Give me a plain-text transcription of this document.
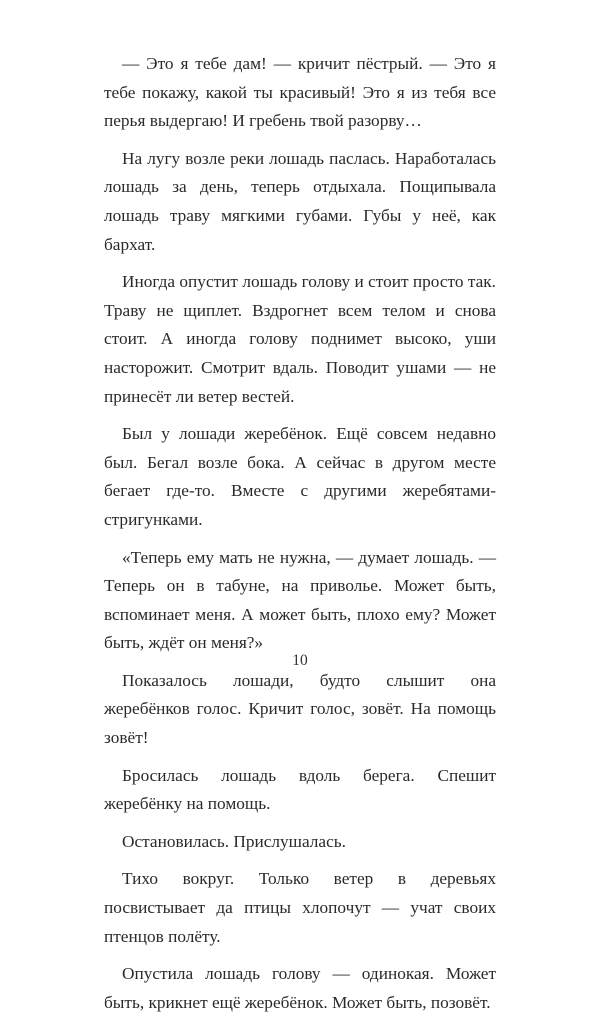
— Это я тебе дам! — кричит пёстрый. — Это я тебе покажу, какой ты красивый! Это я из тебя все перья выдергаю! И гребень твой разорву…

На лугу возле реки лошадь паслась. Наработалась лошадь за день, теперь отдыхала. Пощипывала лошадь траву мягкими губами. Губы у неё, как бархат.

Иногда опустит лошадь голову и стоит просто так. Траву не щиплет. Вздрогнет всем телом и снова стоит. А иногда голову поднимет высоко, уши насторожит. Смотрит вдаль. Поводит ушами — не принесёт ли ветер вестей.

Был у лошади жеребёнок. Ещё совсем недавно был. Бегал возле бока. А сейчас в другом месте бегает где-то. Вместе с другими жеребятами-стригунками.

«Теперь ему мать не нужна, — думает лошадь. — Теперь он в табуне, на приволье. Может быть, вспоминает меня. А может быть, плохо ему? Может быть, ждёт он меня?»

Показалось лошади, будто слышит она жеребёнков голос. Кричит голос, зовёт. На помощь зовёт!

Бросилась лошадь вдоль берега. Спешит жеребёнку на помощь.

Остановилась. Прислушалась.

Тихо вокруг. Только ветер в деревьях посвистывает да птицы хлопочут — учат своих птенцов полёту.

Опустила лошадь голову — одинокая. Может быть, крикнет ещё жеребёнок. Может быть, позовёт.

10
